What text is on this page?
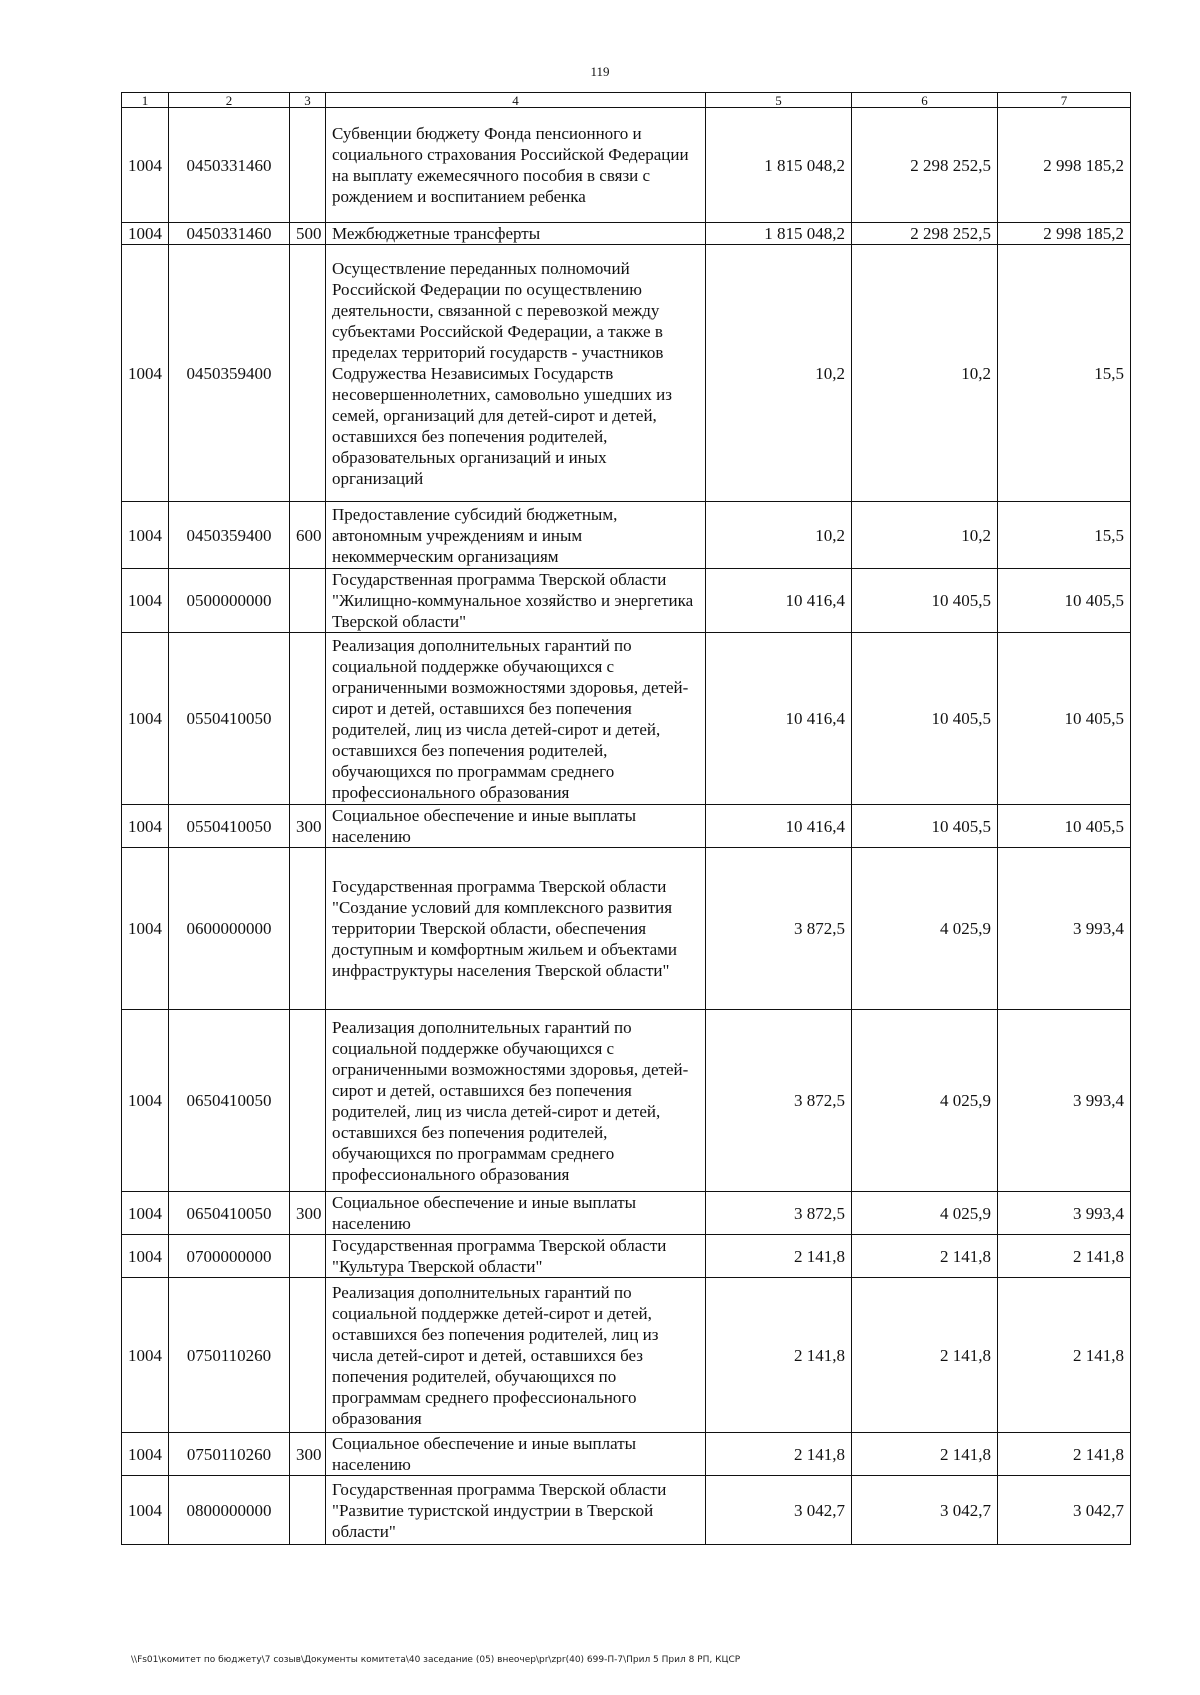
119
1	2	3	4	5	6	7
1004	0450331460		Субвенции бюджету Фонда пенсионного и социального страхования Российской Федерации на выплату ежемесячного пособия в связи с рождением и воспитанием ребенка	1 815 048,2	2 298 252,5	2 998 185,2
1004	0450331460	500	Межбюджетные трансферты	1 815 048,2	2 298 252,5	2 998 185,2
1004	0450359400		Осуществление переданных полномочий Российской Федерации по осуществлению деятельности, связанной с перевозкой между субъектами Российской Федерации, а также в пределах территорий государств - участников Содружества Независимых Государств несовершеннолетних, самовольно ушедших из семей, организаций для детей-сирот и детей, оставшихся без попечения родителей, образовательных организаций и иных организаций	10,2	10,2	15,5
1004	0450359400	600	Предоставление субсидий бюджетным, автономным учреждениям и иным некоммерческим организациям	10,2	10,2	15,5
1004	0500000000		Государственная программа Тверской области "Жилищно-коммунальное хозяйство и энергетика Тверской области"	10 416,4	10 405,5	10 405,5
1004	0550410050		Реализация дополнительных гарантий по социальной поддержке обучающихся с ограниченными возможностями здоровья, детей-сирот и детей, оставшихся без попечения родителей, лиц из числа детей-сирот и детей, оставшихся без попечения родителей, обучающихся по программам среднего профессионального образования	10 416,4	10 405,5	10 405,5
1004	0550410050	300	Социальное обеспечение и иные выплаты населению	10 416,4	10 405,5	10 405,5
1004	0600000000		Государственная программа Тверской области "Создание условий для комплексного развития территории Тверской области, обеспечения доступным и комфортным жильем и объектами инфраструктуры населения Тверской области"	3 872,5	4 025,9	3 993,4
1004	0650410050		Реализация дополнительных гарантий по социальной поддержке обучающихся с ограниченными возможностями здоровья, детей-сирот и детей, оставшихся без попечения родителей, лиц из числа детей-сирот и детей, оставшихся без попечения родителей, обучающихся по программам среднего профессионального образования	3 872,5	4 025,9	3 993,4
1004	0650410050	300	Социальное обеспечение и иные выплаты населению	3 872,5	4 025,9	3 993,4
1004	0700000000		Государственная программа Тверской области "Культура Тверской области"	2 141,8	2 141,8	2 141,8
1004	0750110260		Реализация дополнительных гарантий по социальной поддержке детей-сирот и детей, оставшихся без попечения родителей, лиц из числа детей-сирот и детей, оставшихся без попечения родителей, обучающихся по программам среднего профессионального образования	2 141,8	2 141,8	2 141,8
1004	0750110260	300	Социальное обеспечение и иные выплаты населению	2 141,8	2 141,8	2 141,8
1004	0800000000		Государственная программа Тверской области "Развитие туристской индустрии в Тверской области"	3 042,7	3 042,7	3 042,7
\\Fs01\комитет по бюджету\7 созыв\Документы комитета\40 заседание (05) внеочер\pr\zpr(40) 699-П-7\Прил 5 Прил 8 РП, КЦСР
